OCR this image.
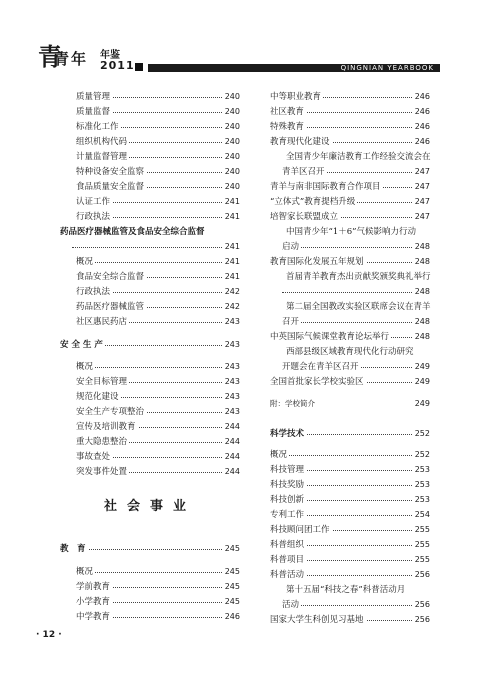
青
青年 年鉴
2011	QINGNIAN YEARBOOK
质量管理	240
质量监督	240
标准化工作	240
组织机构代码	240
计量监督管理	240
特种设备安全监察	240
食品质量安全监督	240
认证工作	241
行政执法	241
药品医疗器械监管及食品安全综合监督
241
概况	241
食品安全综合监督	241
行政执法	242
药品医疗器械监管	242
社区惠民药店	243
安 全 生 产	243
概况	243
安全目标管理	243
规范化建设	243
安全生产专项整治	243
宣传及培训教育	244
重大隐患整治	244
事故查处	244
突发事件处置	244
教　育	245
概况	245
学前教育	245
小学教育	245
中学教育	246
社会事业
中等职业教育	246
社区教育	246
特殊教育	246
教育现代化建设	246
全国青少年廉洁教育工作经验交流会在
青羊区召开	247
青羊与南非国际教育合作项目	247
“立体式”教育提档升级	247
培智家长联盟成立	247
中国青少年“1＋6”气候影响力行动
启动	248
教育国际化发展五年规划	248
首届青羊教育杰出贡献奖颁奖典礼举行
248
第二届全国教改实验区联席会议在青羊
召开	248
中英国际气候课堂教育论坛举行	248
西部县级区域教育现代化行动研究
开题会在青羊区召开	249
全国首批家长学校实验区	249
附：学校简介	249
科学技术	252
概况	252
科技管理	253
科技奖励	253
科技创新	253
专利工作	254
科技顾问团工作	255
科普组织	255
科普项目	255
科普活动	256
第十五届“科技之春”科普活动月
活动	256
国家大学生科创见习基地	256
· 12 ·
